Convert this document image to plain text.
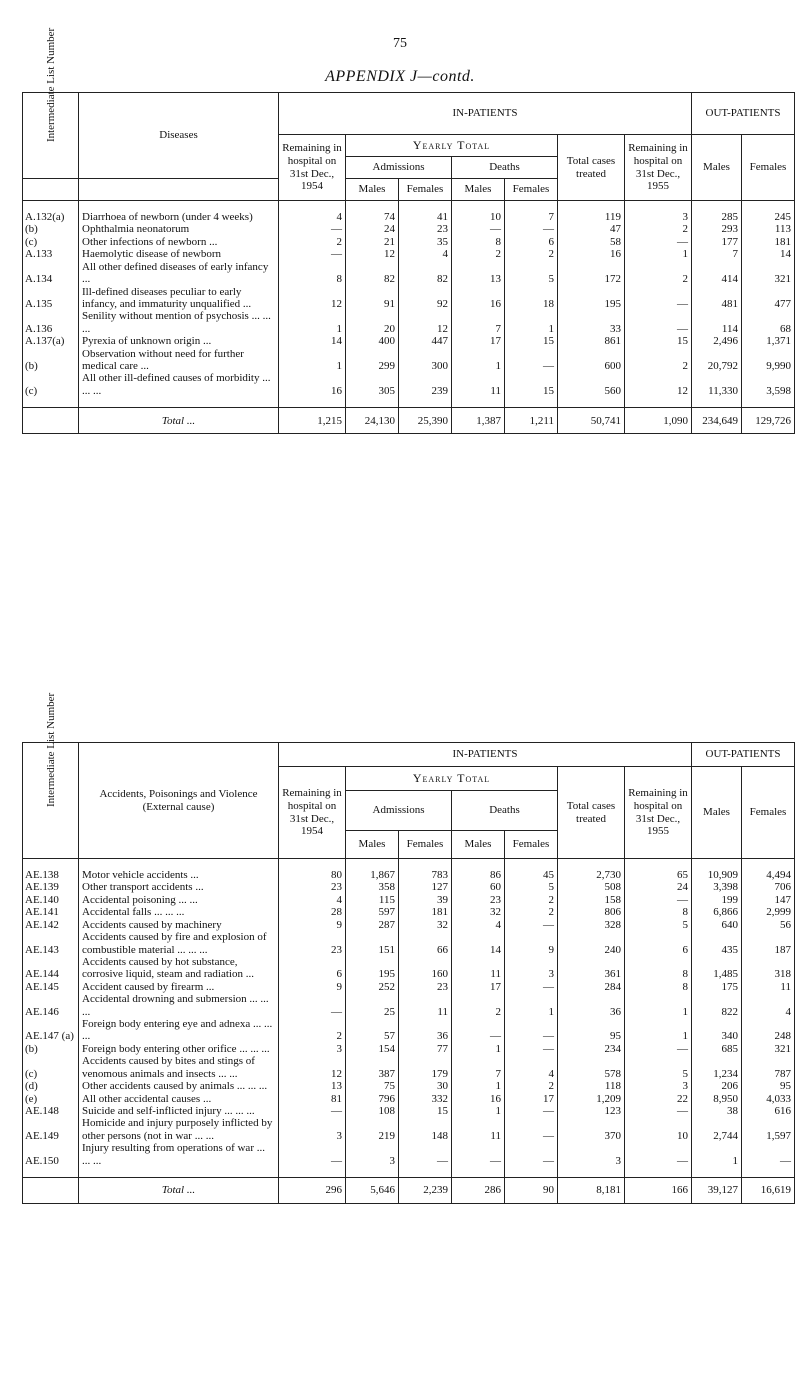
75
APPENDIX J—contd.
Intermediate List Number	Diseases	IN-PATIENTS							OUT-PATIENTS	
		Remaining in hospital on 31st Dec., 1954	Yearly Total				Total cases treated	Remaining in hospital on 31st Dec., 1955	Males	Females
			Admissions		Deaths					
			Males	Females	Males	Females				

A.132(a)	Diarrhoea of newborn (under 4 weeks)	4	74	41	10	7	119	3	285	245
(b)	Ophthalmia neonatorum	—	24	23	—	—	47	2	293	113
(c)	Other infections of newborn ...	2	21	35	8	6	58	—	177	181
A.133	Haemolytic disease of newborn	—	12	4	2	2	16	1	7	14
A.134	All other defined diseases of early infancy ...	8	82	82	13	5	172	2	414	321
A.135	Ill-defined diseases peculiar to early infancy, and immaturity unqualified ...	12	91	92	16	18	195	—	481	477
A.136	Senility without mention of psychosis ... ... ...	1	20	12	7	1	33	—	114	68
A.137(a)	Pyrexia of unknown origin ...	14	400	447	17	15	861	15	2,496	1,371
(b)	Observation without need for further medical care ...	1	299	300	1	—	600	2	20,792	9,990
(c)	All other ill-defined causes of morbidity ... ... ...	16	305	239	11	15	560	12	11,330	3,598

	Total ...	1,215	24,130	25,390	1,387	1,211	50,741	1,090	234,649	129,726
Intermediate List Number	Accidents, Poisonings and Violence (External cause)	IN-PATIENTS							OUT-PATIENTS	
		Remaining in hospital on 31st Dec., 1954	Yearly Total				Total cases treated	Remaining in hospital on 31st Dec., 1955	Males	Females
			Admissions		Deaths					
			Males	Females	Males	Females				

AE.138	Motor vehicle accidents ...	80	1,867	783	86	45	2,730	65	10,909	4,494
AE.139	Other transport accidents ...	23	358	127	60	5	508	24	3,398	706
AE.140	Accidental poisoning ... ...	4	115	39	23	2	158	—	199	147
AE.141	Accidental falls ... ... ...	28	597	181	32	2	806	8	6,866	2,999
AE.142	Accidents caused by machinery	9	287	32	4	—	328	5	640	56
AE.143	Accidents caused by fire and explosion of combustible material ... ... ...	23	151	66	14	9	240	6	435	187
AE.144	Accidents caused by hot substance, corrosive liquid, steam and radiation ...	6	195	160	11	3	361	8	1,485	318
AE.145	Accident caused by firearm ...	9	252	23	17	—	284	8	175	11
AE.146	Accidental drowning and submersion ... ... ...	—	25	11	2	1	36	1	822	4
AE.147 (a)	Foreign body entering eye and adnexa ... ... ...	2	57	36	—	—	95	1	340	248
(b)	Foreign body entering other orifice ... ... ...	3	154	77	1	—	234	—	685	321
(c)	Accidents caused by bites and stings of venomous animals and insects ... ...	12	387	179	7	4	578	5	1,234	787
(d)	Other accidents caused by animals ... ... ...	13	75	30	1	2	118	3	206	95
(e)	All other accidental causes ...	81	796	332	16	17	1,209	22	8,950	4,033
AE.148	Suicide and self-inflicted injury ... ... ...	—	108	15	1	—	123	—	38	616
AE.149	Homicide and injury purposely inflicted by other persons (not in war ... ...	3	219	148	11	—	370	10	2,744	1,597
AE.150	Injury resulting from operations of war ... ... ...	—	3	—	—	—	3	—	1	—

	Total ...	296	5,646	2,239	286	90	8,181	166	39,127	16,619
